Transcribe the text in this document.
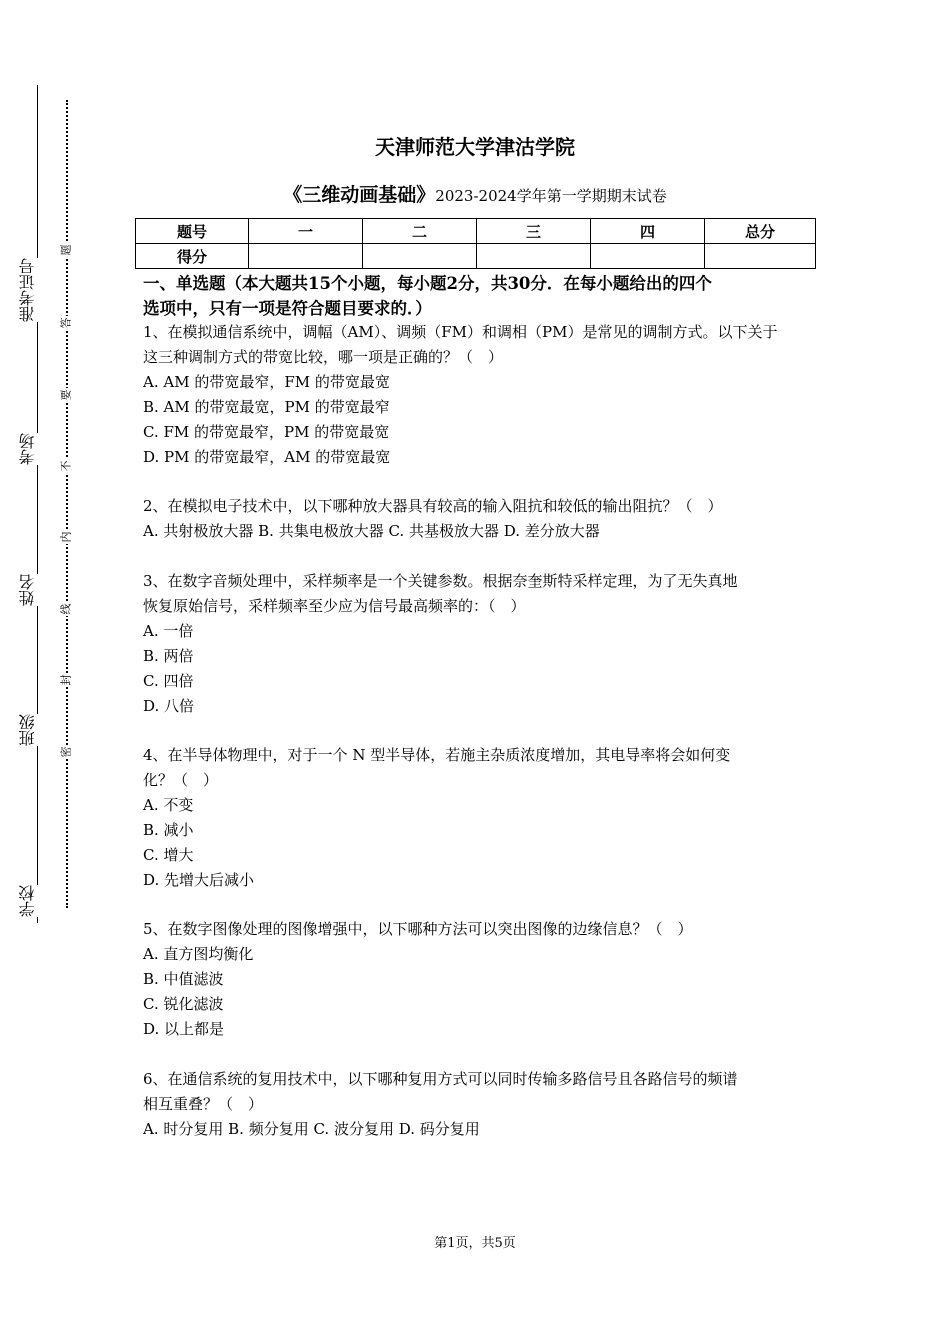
准考证号
考场
姓名
班级
学校
题
答
要
不
内
线
封
密
天津师范大学津沽学院
《三维动画基础》2023-2024学年第一学期期末试卷
题号	一	二	三	四	总分
得分					
一、单选题（本大题共15个小题，每小题2分，共30分．在每小题给出的四个
选项中，只有一项是符合题目要求的．）
1、在模拟通信系统中，调幅（AM）、调频（FM）和调相（PM）是常见的调制方式。以下关于
这三种调制方式的带宽比较，哪一项是正确的？（　）
A. AM 的带宽最窄，FM 的带宽最宽
B. AM 的带宽最宽，PM 的带宽最窄
C. FM 的带宽最窄，PM 的带宽最宽
D. PM 的带宽最窄，AM 的带宽最宽
2、在模拟电子技术中，以下哪种放大器具有较高的输入阻抗和较低的输出阻抗？（　）
A. 共射极放大器 B. 共集电极放大器 C. 共基极放大器 D. 差分放大器
3、在数字音频处理中，采样频率是一个关键参数。根据奈奎斯特采样定理，为了无失真地
恢复原始信号，采样频率至少应为信号最高频率的：（　）
A. 一倍
B. 两倍
C. 四倍
D. 八倍
4、在半导体物理中，对于一个 N 型半导体，若施主杂质浓度增加，其电导率将会如何变
化？（　）
A. 不变
B. 减小
C. 增大
D. 先增大后减小
5、在数字图像处理的图像增强中，以下哪种方法可以突出图像的边缘信息？（　）
A. 直方图均衡化
B. 中值滤波
C. 锐化滤波
D. 以上都是
6、在通信系统的复用技术中，以下哪种复用方式可以同时传输多路信号且各路信号的频谱
相互重叠？（　）
A. 时分复用 B. 频分复用 C. 波分复用 D. 码分复用
第1页，共5页
